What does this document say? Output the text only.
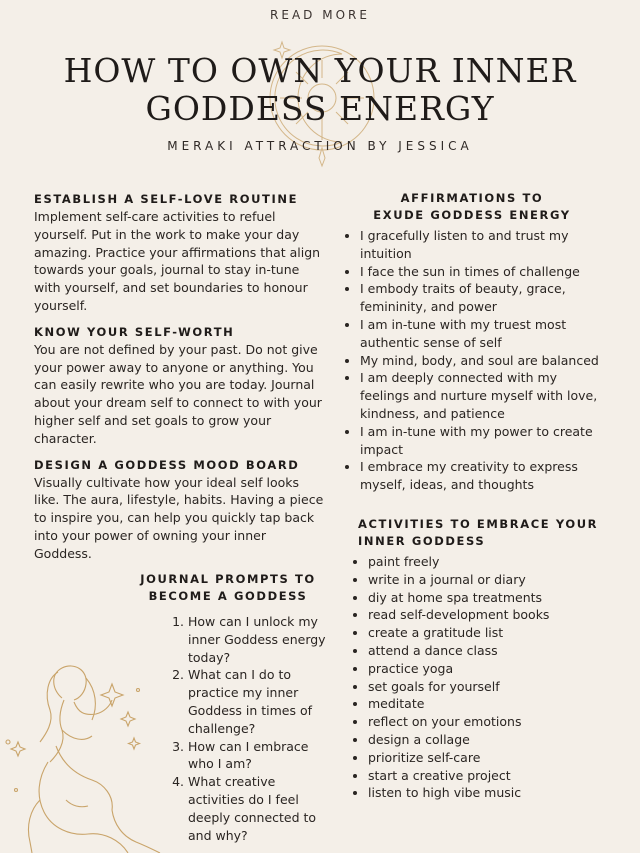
READ MORE
HOW TO OWN YOUR INNER
GODDESS ENERGY
MERAKI ATTRACTION BY JESSICA

ESTABLISH A SELF-LOVE ROUTINE

Implement self-care activities to refuel yourself. Put in the work to make your day amazing. Practice your affirmations that align towards your goals, journal to stay in-tune with yourself, and set boundaries to honour yourself.

KNOW YOUR SELF-WORTH

You are not defined by your past. Do not give your power away to anyone or anything. You can easily rewrite who you are today. Journal about your dream self to connect to with your higher self and set goals to grow your character.

DESIGN A GODDESS MOOD BOARD

Visually cultivate how your ideal self looks like. The aura, lifestyle, habits. Having a piece to inspire you, can help you quickly tap back into your power of owning your inner Goddess.

JOURNAL PROMPTS TO

BECOME A GODDESS

1. How can I unlock my inner Goddess energy today?
2. What can I do to practice my inner Goddess in times of challenge?
3. How can I embrace who I am?
4. What creative activities do I feel deeply connected to and why?

AFFIRMATIONS TO

EXUDE GODDESS ENERGY

• I gracefully listen to and trust my intuition
• I face the sun in times of challenge
• I embody traits of beauty, grace, femininity, and power
• I am in-tune with my truest most authentic sense of self
• My mind, body, and soul are balanced
• I am deeply connected with my feelings and nurture myself with love, kindness, and patience
• I am in-tune with my power to create impact
• I embrace my creativity to express myself, ideas, and thoughts

ACTIVITIES TO EMBRACE YOUR

INNER GODDESS

• paint freely
• write in a journal or diary
• diy at home spa treatments
• read self-development books
• create a gratitude list
• attend a dance class
• practice yoga
• set goals for yourself
• meditate
• reflect on your emotions
• design a collage
• prioritize self-care
• start a creative project
• listen to high vibe music
